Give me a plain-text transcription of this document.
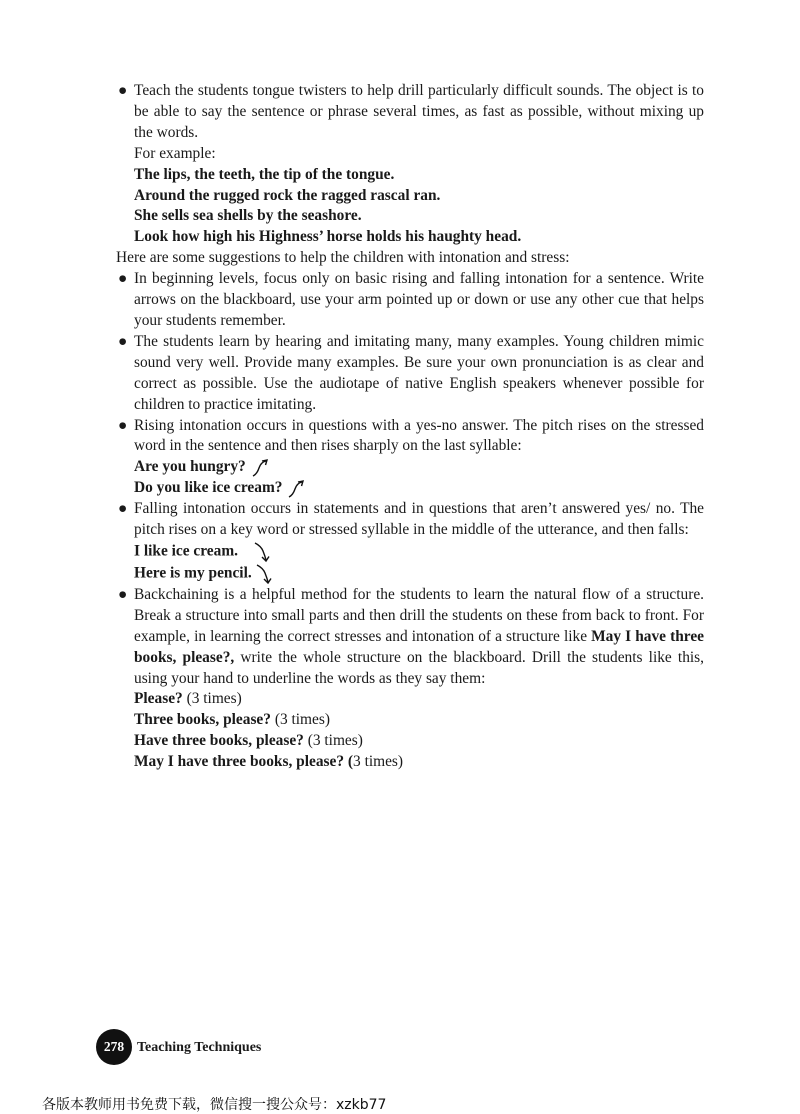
● Teach the students tongue twisters to help drill particularly difficult sounds. The object is to be able to say the sentence or phrase several times, as fast as possible, without mixing up the words.
For example:
The lips, the teeth, the tip of the tongue.
Around the rugged rock the ragged rascal ran.
She sells sea shells by the seashore.
Look how high his Highness’ horse holds his haughty head.
Here are some suggestions to help the children with intonation and stress:
● In beginning levels, focus only on basic rising and falling intonation for a sentence. Write arrows on the blackboard, use your arm pointed up or down or use any other cue that helps your students remember.
● The students learn by hearing and imitating many, many examples. Young children mimic sound very well. Provide many examples. Be sure your own pronunciation is as clear and correct as possible. Use the audiotape of native English speakers whenever possible for children to practice imitating.
● Rising intonation occurs in questions with a yes-no answer. The pitch rises on the stressed word in the sentence and then rises sharply on the last syllable:
Are you hungry?
Do you like ice cream?
● Falling intonation occurs in statements and in questions that aren’t answered yes/ no. The pitch rises on a key word or stressed syllable in the middle of the utterance, and then falls:
I like ice cream.
Here is my pencil.
● Backchaining is a helpful method for the students to learn the natural flow of a structure. Break a structure into small parts and then drill the students on these from back to front. For example, in learning the correct stresses and intonation of a structure like May I have three books, please?, write the whole structure on the blackboard. Drill the students like this, using your hand to underline the words as they say them:
Please? (3 times)
Three books, please? (3 times)
Have three books, please? (3 times)
May I have three books, please? (3 times)
278 Teaching Techniques
各版本教师用书免费下载，微信搜一搜公众号：xzkb77
